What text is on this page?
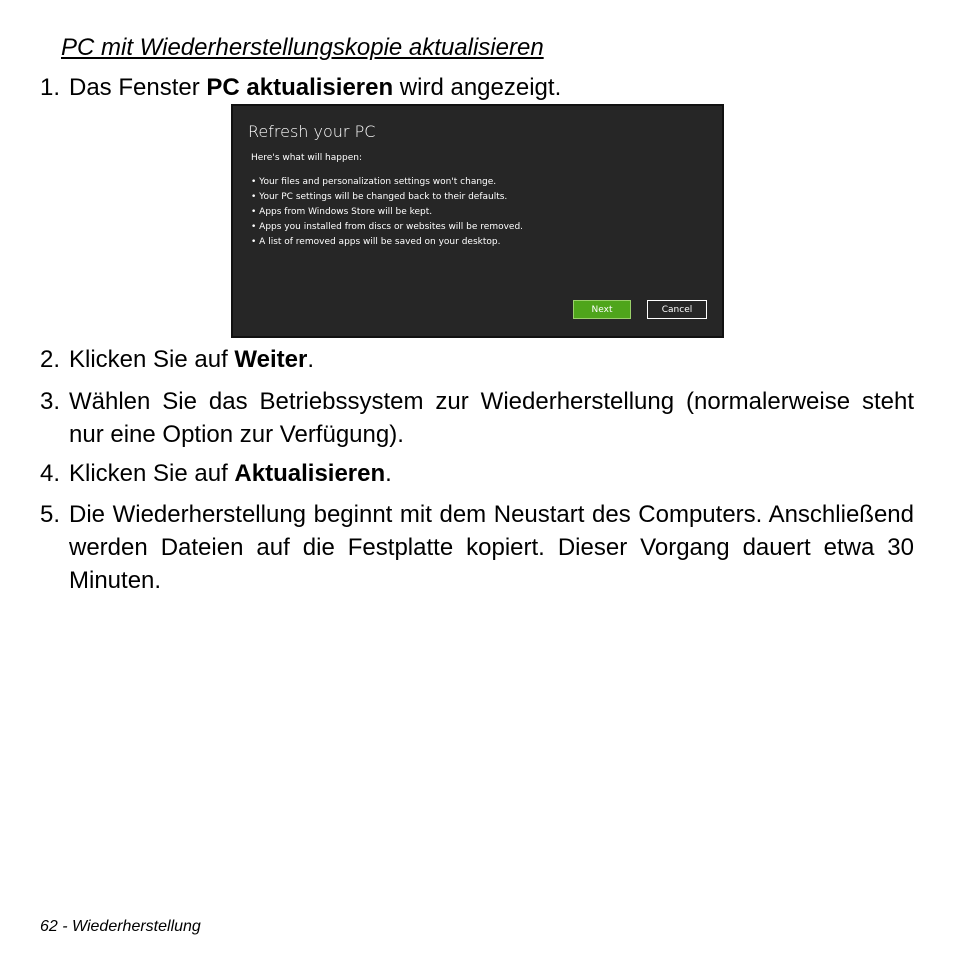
PC mit Wiederherstellungskopie aktualisieren
1. Das Fenster PC aktualisieren wird angezeigt.
Refresh your PC
Here's what will happen:
• Your files and personalization settings won't change.
• Your PC settings will be changed back to their defaults.
• Apps from Windows Store will be kept.
• Apps you installed from discs or websites will be removed.
• A list of removed apps will be saved on your desktop.
Next	Cancel
2. Klicken Sie auf Weiter.
3. Wählen Sie das Betriebssystem zur Wiederherstellung (normalerweise steht nur eine Option zur Verfügung).
4. Klicken Sie auf Aktualisieren.
5. Die Wiederherstellung beginnt mit dem Neustart des Computers. Anschließend werden Dateien auf die Festplatte kopiert. Dieser Vorgang dauert etwa 30 Minuten.
62 - Wiederherstellung
